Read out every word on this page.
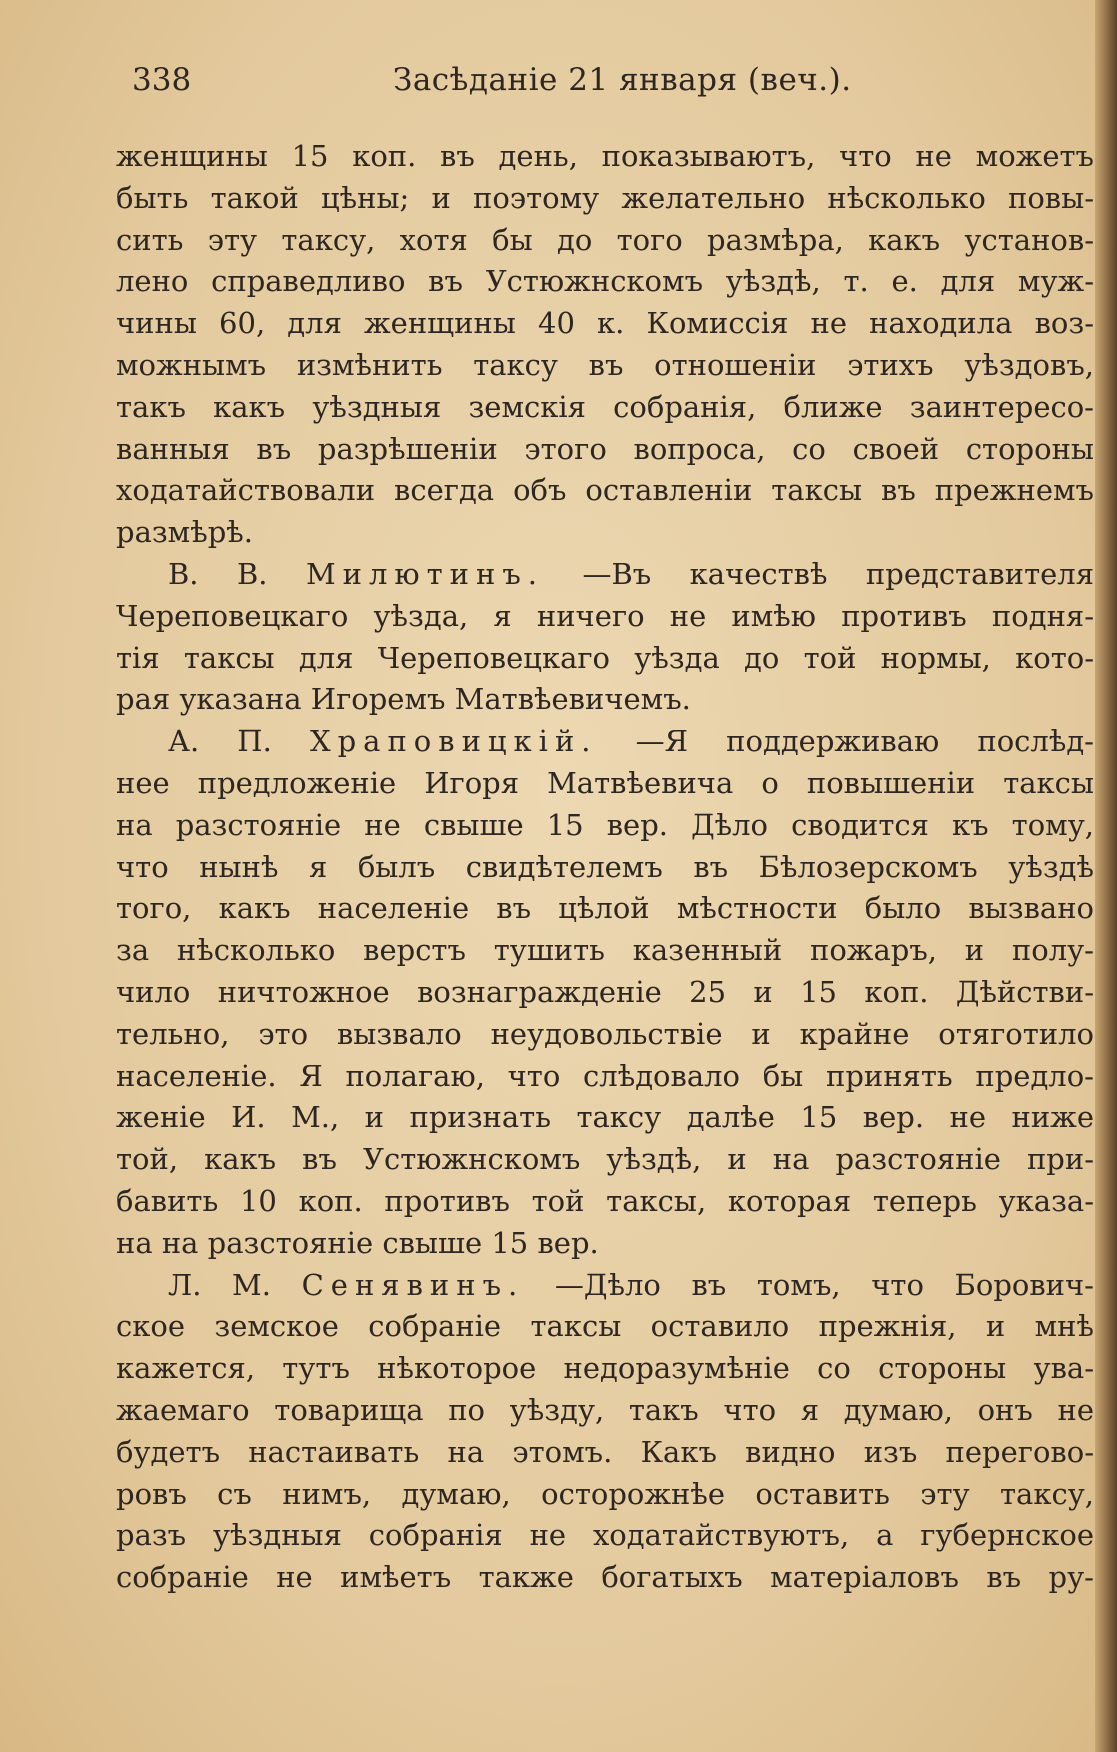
338	Засѣданіе 21 января (веч.).
женщины 15 коп. въ день, показываютъ, что не можетъ
быть такой цѣны; и поэтому желательно нѣсколько повы-
сить эту таксу, хотя бы до того размѣра, какъ установ-
лено справедливо въ Устюжнскомъ уѣздѣ, т. е. для муж-
чины 60, для женщины 40 к. Комиссія не находила воз-
можнымъ измѣнить таксу въ отношеніи этихъ уѣздовъ,
такъ какъ уѣздныя земскія собранія, ближе заинтересо-
ванныя въ разрѣшеніи этого вопроса, со своей стороны
ходатайствовали всегда объ оставленіи таксы въ прежнемъ
размѣрѣ.
В. В. Милютинъ. —Въ качествѣ представителя
Череповецкаго уѣзда, я ничего не имѣю противъ подня-
тія таксы для Череповецкаго уѣзда до той нормы, кото-
рая указана Игоремъ Матвѣевичемъ.
А. П. Храповицкій. —Я поддерживаю послѣд-
нее предложеніе Игоря Матвѣевича о повышеніи таксы
на разстояніе не свыше 15 вер. Дѣло сводится къ тому,
что нынѣ я былъ свидѣтелемъ въ Бѣлозерскомъ уѣздѣ
того, какъ населеніе въ цѣлой мѣстности было вызвано
за нѣсколько верстъ тушить казенный пожаръ, и полу-
чило ничтожное вознагражденіе 25 и 15 коп. Дѣйстви-
тельно, это вызвало неудовольствіе и крайне отяготило
населеніе. Я полагаю, что слѣдовало бы принять предло-
женіе И. М., и признать таксу далѣе 15 вер. не ниже
той, какъ въ Устюжнскомъ уѣздѣ, и на разстояніе при-
бавить 10 коп. противъ той таксы, которая теперь указа-
на на разстояніе свыше 15 вер.
Л. М. Сенявинъ. —Дѣло въ томъ, что Борович-
ское земское собраніе таксы оставило прежнія, и мнѣ
кажется, тутъ нѣкоторое недоразумѣніе со стороны ува-
жаемаго товарища по уѣзду, такъ что я думаю, онъ не
будетъ настаивать на этомъ. Какъ видно изъ перегово-
ровъ съ нимъ, думаю, осторожнѣе оставить эту таксу,
разъ уѣздныя собранія не ходатайствуютъ, а губернское
собраніе не имѣетъ также богатыхъ матеріаловъ въ ру-
